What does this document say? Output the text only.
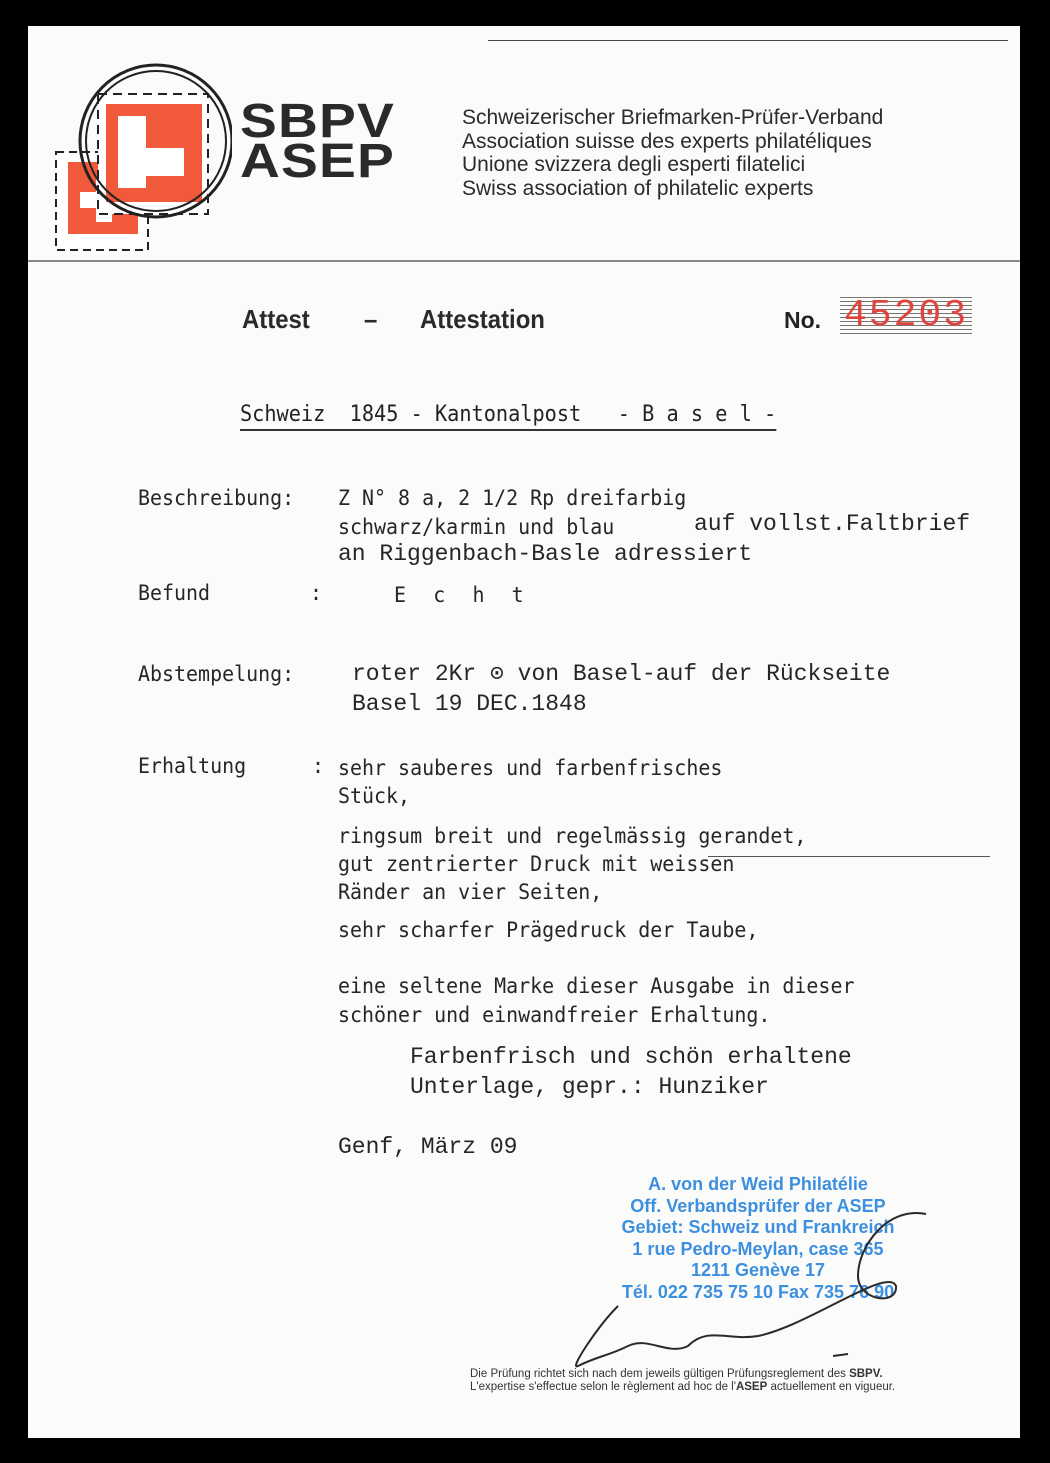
SBPV
ASEP
Schweizerischer Briefmarken-Prüfer-Verband
Association suisse des experts philatéliques
Unione svizzera degli esperti filatelici
Swiss association of philatelic experts
Attest – Attestation	No. 45203
Schweiz  1845 - Kantonalpost   - B a s e l -
Beschreibung: Z N° 8 a, 2 1/2 Rp dreifarbig
schwarz/karmin und blau	auf vollst.Faltbrief
an Riggenbach-Basle adressiert
Befund	:	E c h t
Abstempelung:	roter 2Kr ⊙ von Basel-auf der Rückseite
Basel 19 DEC.1848
Erhaltung	: sehr sauberes und farbenfrisches
Stück,
ringsum breit und regelmässig gerandet,
gut zentrierter Druck mit weissen
Ränder an vier Seiten,
sehr scharfer Prägedruck der Taube,
eine seltene Marke dieser Ausgabe in dieser
schöner und einwandfreier Erhaltung.
Farbenfrisch und schön erhaltene
Unterlage, gepr.: Hunziker
Genf, März 09
A. von der Weid Philatélie
Off. Verbandsprüfer der ASEP
Gebiet: Schweiz und Frankreich
1 rue Pedro-Meylan, case 365
1211 Genève 17
Tél. 022 735 75 10 Fax 735 76 90
Die Prüfung richtet sich nach dem jeweils gültigen Prüfungsreglement des SBPV.
L'expertise s'effectue selon le règlement ad hoc de l'ASEP actuellement en vigueur.
